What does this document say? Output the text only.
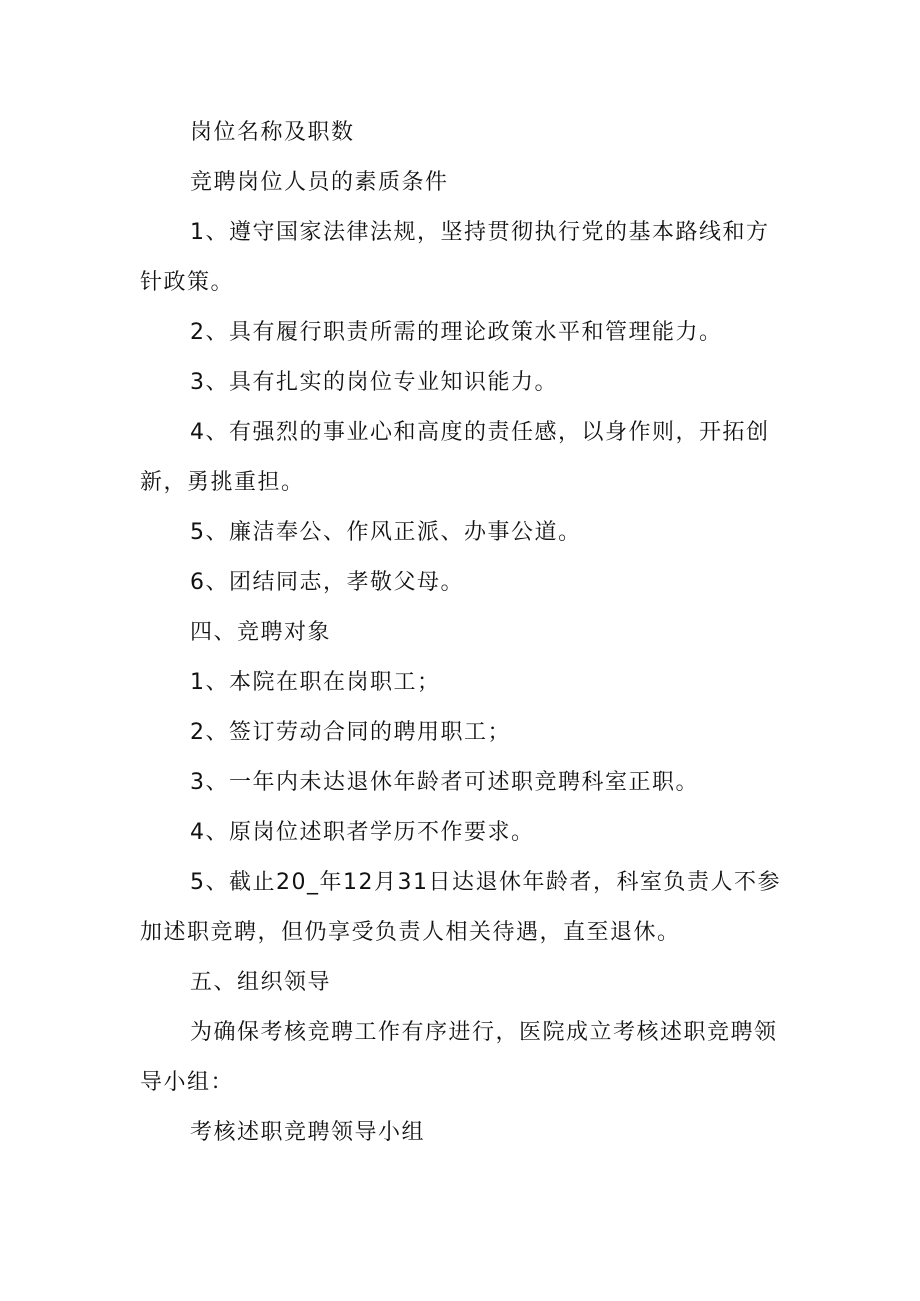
岗位名称及职数

竞聘岗位人员的素质条件

1、遵守国家法律法规，坚持贯彻执行党的基本路线和方针政策。

2、具有履行职责所需的理论政策水平和管理能力。

3、具有扎实的岗位专业知识能力。

4、有强烈的事业心和高度的责任感，以身作则，开拓创新，勇挑重担。

5、廉洁奉公、作风正派、办事公道。

6、团结同志，孝敬父母。

四、竞聘对象

1、本院在职在岗职工；

2、签订劳动合同的聘用职工；

3、一年内未达退休年龄者可述职竞聘科室正职。

4、原岗位述职者学历不作要求。

5、截止20_年12月31日达退休年龄者，科室负责人不参加述职竞聘，但仍享受负责人相关待遇，直至退休。

五、组织领导

为确保考核竞聘工作有序进行，医院成立考核述职竞聘领导小组：

考核述职竞聘领导小组
